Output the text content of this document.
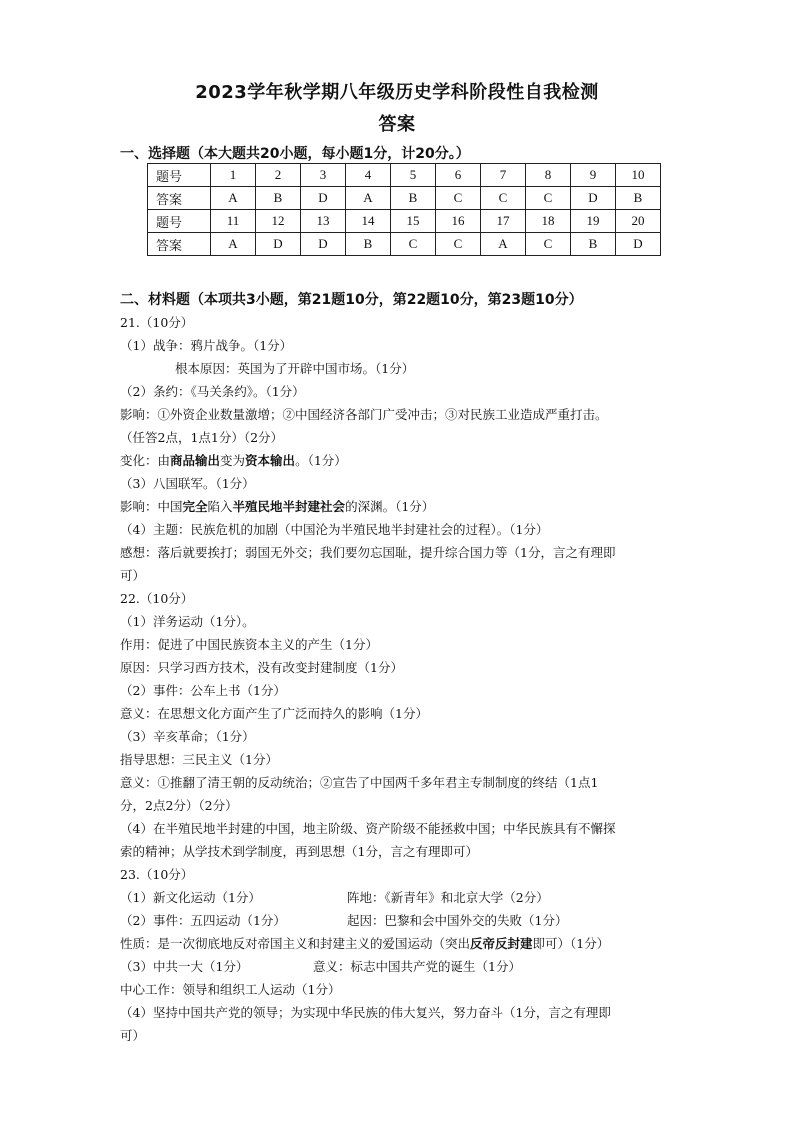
2023学年秋学期八年级历史学科阶段性自我检测
答案
一、选择题（本大题共20小题，每小题1分，计20分。）
题号	1	2	3	4	5	6	7	8	9	10
答案	A	B	D	A	B	C	C	C	D	B
题号	11	12	13	14	15	16	17	18	19	20
答案	A	D	D	B	C	C	A	C	B	D
二、材料题（本项共3小题，第21题10分，第22题10分，第23题10分）
21.（10分）
（1）战争：鸦片战争。（1分）
根本原因：英国为了开辟中国市场。（1分）
（2）条约：《马关条约》。（1分）
影响：①外资企业数量激增；②中国经济各部门广受冲击；③对民族工业造成严重打击。
（任答2点，1点1分）（2分）
变化：由商品输出变为资本输出。（1分）
（3）八国联军。（1分）
影响：中国完全陷入半殖民地半封建社会的深渊。（1分）
（4）主题：民族危机的加剧（中国沦为半殖民地半封建社会的过程）。（1分）
感想：落后就要挨打；弱国无外交；我们要勿忘国耻，提升综合国力等（1分，言之有理即
可）
22.（10分）
（1）洋务运动（1分）。
作用：促进了中国民族资本主义的产生（1分）
原因：只学习西方技术，没有改变封建制度（1分）
（2）事件：公车上书（1分）
意义：在思想文化方面产生了广泛而持久的影响（1分）
（3）辛亥革命；（1分）
指导思想：三民主义（1分）
意义：①推翻了清王朝的反动统治；②宣告了中国两千多年君主专制制度的终结（1点1
分，2点2分）（2分）
（4）在半殖民地半封建的中国，地主阶级、资产阶级不能拯救中国；中华民族具有不懈探
索的精神；从学技术到学制度，再到思想（1分，言之有理即可）
23.（10分）
（1）新文化运动（1分）	阵地：《新青年》和北京大学（2分）
（2）事件：五四运动（1分）	起因：巴黎和会中国外交的失败（1分）
性质：是一次彻底地反对帝国主义和封建主义的爱国运动（突出反帝反封建即可）（1分）
（3）中共一大（1分）	意义：标志中国共产党的诞生（1分）
中心工作：领导和组织工人运动（1分）
（4）坚持中国共产党的领导；为实现中华民族的伟大复兴，努力奋斗（1分，言之有理即
可）
